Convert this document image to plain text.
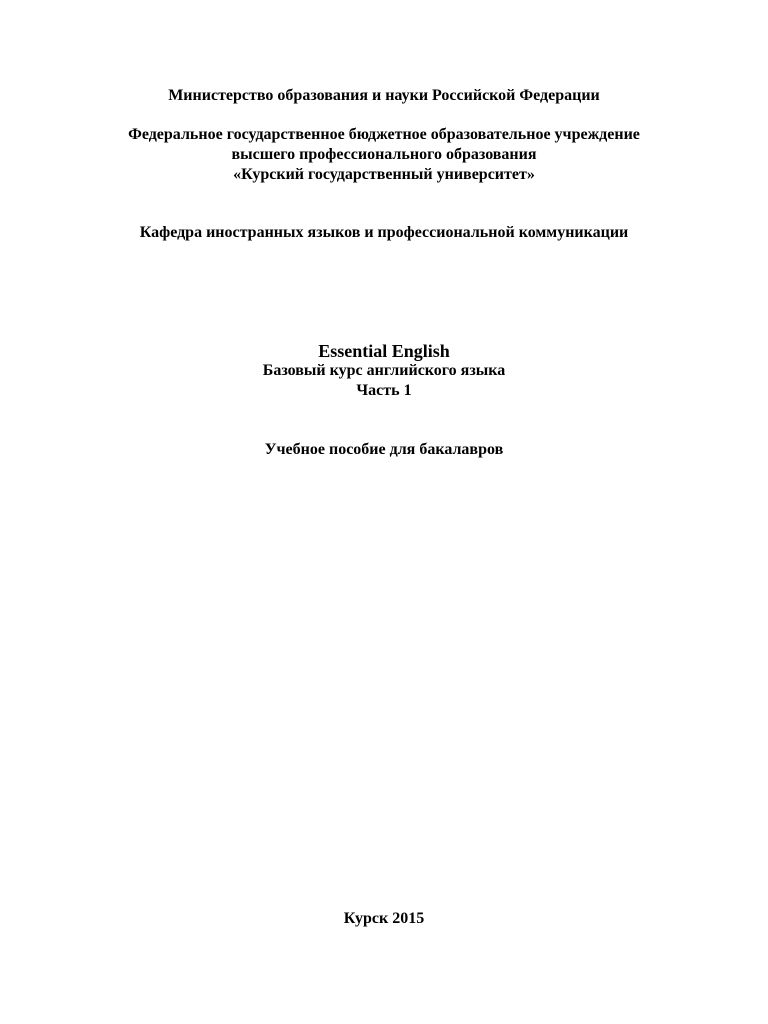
Министерство образования и науки Российской Федерации
Федеральное государственное бюджетное образовательное учреждение
высшего профессионального образования
«Курский государственный университет»
Кафедра иностранных языков и профессиональной коммуникации
Essential English
Базовый курс английского языка
Часть 1
Учебное пособие для бакалавров
Курск 2015
